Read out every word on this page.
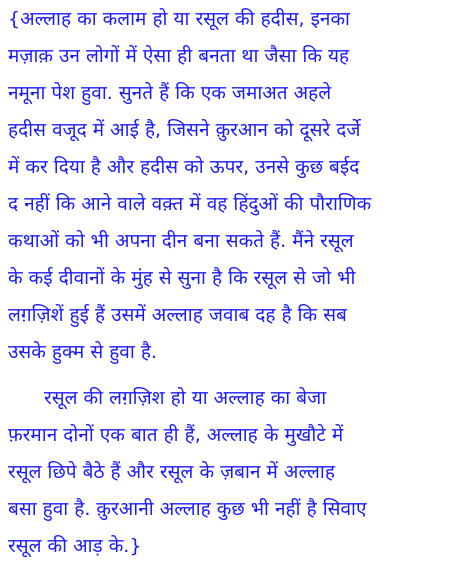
{अल्लाह का कलाम हो या रसूल की हदीस, इनका
मज़ाक़ उन लोगों में ऐसा ही बनता था जैसा कि यह
नमूना पेश हुवा. सुनते हैं कि एक जमाअत अहले
हदीस वजूद में आई है, जिसने क़ुरआन को दूसरे दर्जे
में कर दिया है और हदीस को ऊपर, उनसे कुछ बईद
द नहीं कि आने वाले वक़्त में वह हिंदुओं की पौराणिक
कथाओं को भी अपना दीन बना सकते हैं. मैंने रसूल
के कई दीवानों के मुंह से सुना है कि रसूल से जो भी
लग़ज़िशें हुई हैं उसमें अल्लाह जवाब दह है कि सब
उसके हुक्म से हुवा है.
रसूल की लग़ज़िश हो या अल्लाह का बेजा
फ़रमान दोनों एक बात ही हैं, अल्लाह के मुखौटे में
रसूल छिपे बैठे हैं और रसूल के ज़बान में अल्लाह
बसा हुवा है. क़ुरआनी अल्लाह कुछ भी नहीं है सिवाए
रसूल की आड़ के.}
